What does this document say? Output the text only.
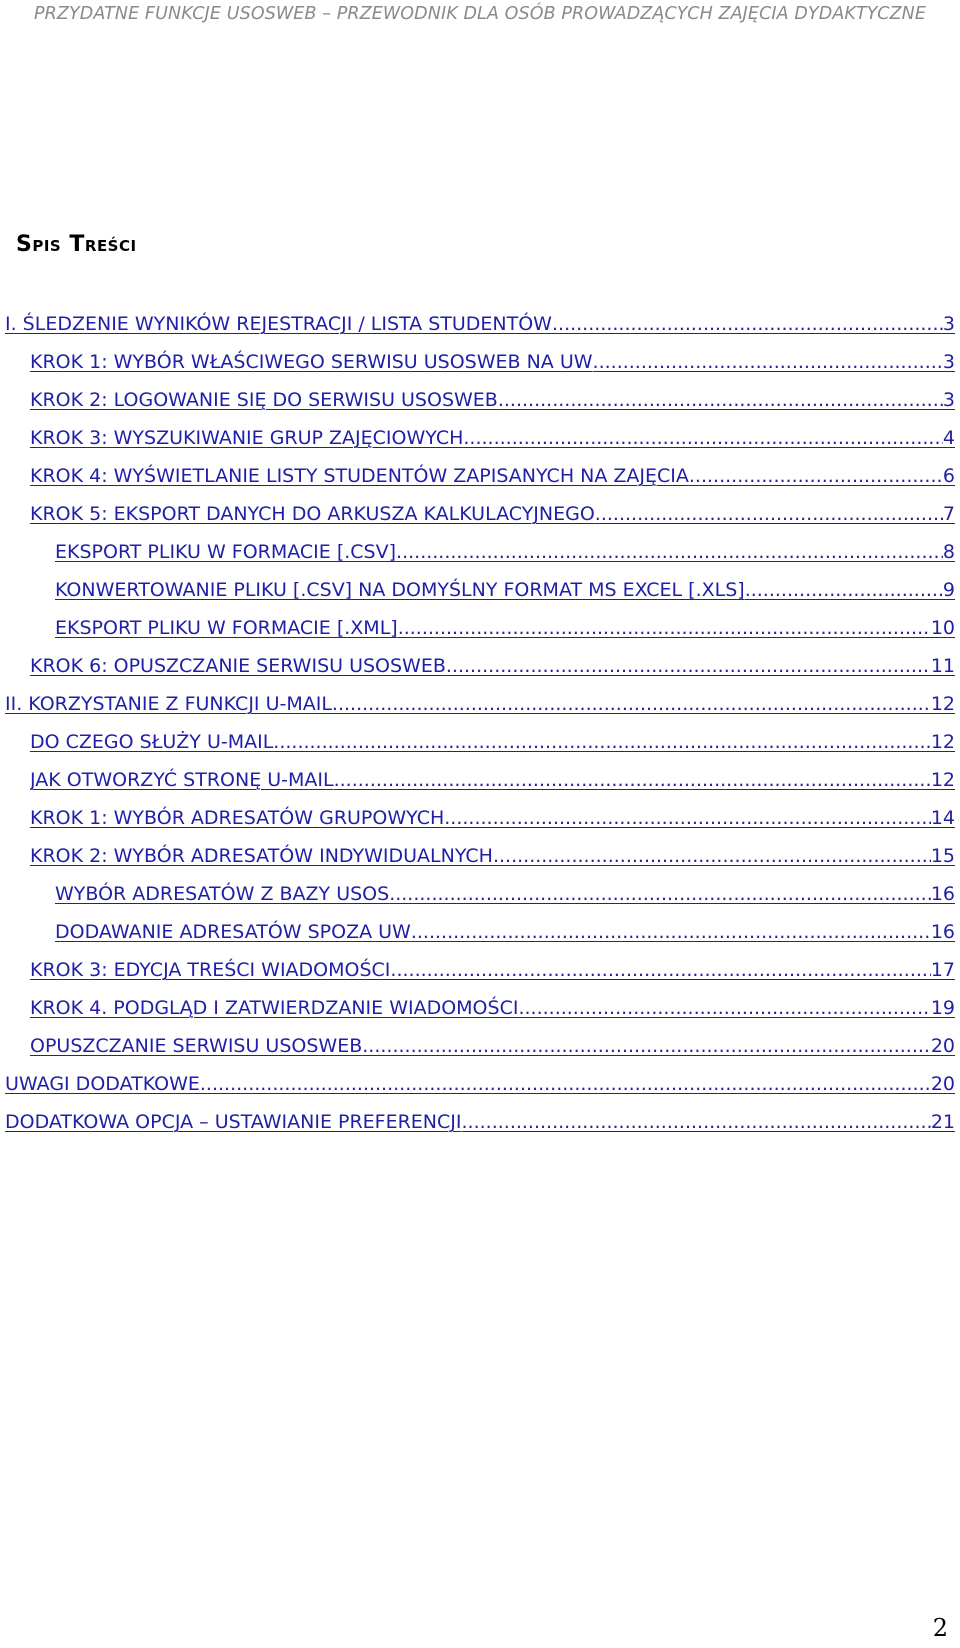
PRZYDATNE FUNKCJE USOSWEB – PRZEWODNIK DLA OSÓB PROWADZĄCYCH ZAJĘCIA DYDAKTYCZNE
Spis Treści
I. ŚLEDZENIE WYNIKÓW REJESTRACJI / LISTA STUDENTÓW .....	3
KROK 1: WYBÓR WŁAŚCIWEGO SERWISU USOSWEB NA UW .....	3
KROK 2: LOGOWANIE SIĘ DO SERWISU USOSWEB .....	3
KROK 3: WYSZUKIWANIE GRUP ZAJĘCIOWYCH .....	4
KROK 4: WYŚWIETLANIE LISTY STUDENTÓW ZAPISANYCH NA ZAJĘCIA .....	6
KROK 5: EKSPORT DANYCH DO ARKUSZA KALKULACYJNEGO .....	7
EKSPORT PLIKU W FORMACIE [.CSV] .....	8
KONWERTOWANIE PLIKU [.CSV] NA DOMYŚLNY FORMAT MS EXCEL [.XLS] .....	9
EKSPORT PLIKU W FORMACIE [.XML] .....	10
KROK 6: OPUSZCZANIE SERWISU USOSWEB .....	11
II. KORZYSTANIE Z FUNKCJI U-MAIL .....	12
DO CZEGO SŁUŻY U-MAIL .....	12
JAK OTWORZYĆ STRONĘ U-MAIL .....	12
KROK 1: WYBÓR ADRESATÓW GRUPOWYCH .....	14
KROK 2: WYBÓR ADRESATÓW INDYWIDUALNYCH .....	15
WYBÓR ADRESATÓW Z BAZY USOS .....	16
DODAWANIE ADRESATÓW SPOZA UW .....	16
KROK 3: EDYCJA TREŚCI WIADOMOŚCI .....	17
KROK 4. PODGLĄD I ZATWIERDZANIE WIADOMOŚCI .....	19
OPUSZCZANIE SERWISU USOSWEB .....	20
UWAGI DODATKOWE .....	20
DODATKOWA OPCJA – USTAWIANIE PREFERENCJI .....	21
2
